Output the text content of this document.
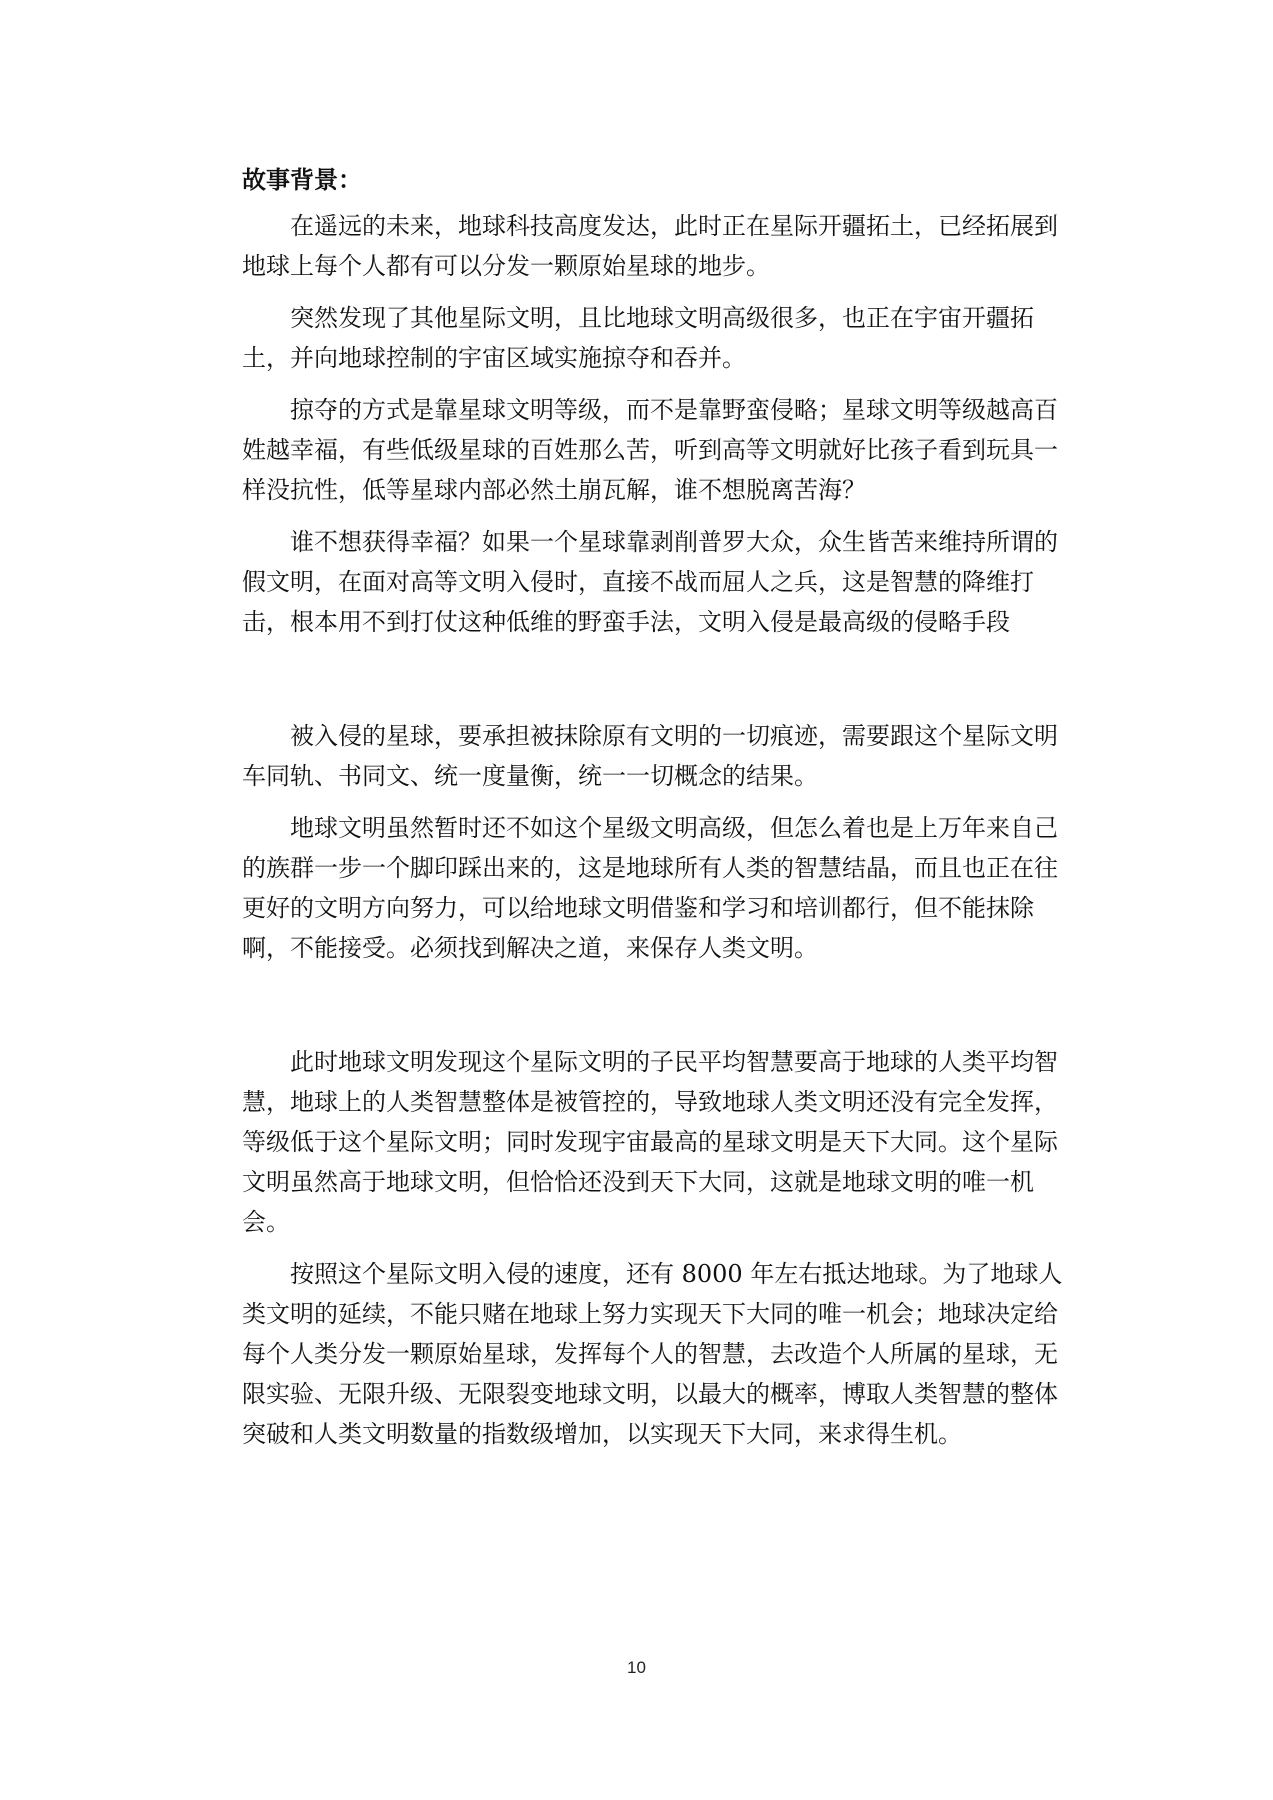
故事背景：

在遥远的未来，地球科技高度发达，此时正在星际开疆拓土，已经拓展到地球上每个人都有可以分发一颗原始星球的地步。

突然发现了其他星际文明，且比地球文明高级很多，也正在宇宙开疆拓土，并向地球控制的宇宙区域实施掠夺和吞并。

掠夺的方式是靠星球文明等级，而不是靠野蛮侵略；星球文明等级越高百姓越幸福，有些低级星球的百姓那么苦，听到高等文明就好比孩子看到玩具一样没抗性，低等星球内部必然土崩瓦解，谁不想脱离苦海？

谁不想获得幸福？如果一个星球靠剥削普罗大众，众生皆苦来维持所谓的假文明，在面对高等文明入侵时，直接不战而屈人之兵，这是智慧的降维打击，根本用不到打仗这种低维的野蛮手法，文明入侵是最高级的侵略手段

被入侵的星球，要承担被抹除原有文明的一切痕迹，需要跟这个星际文明车同轨、书同文、统一度量衡，统一一切概念的结果。

地球文明虽然暂时还不如这个星级文明高级，但怎么着也是上万年来自己的族群一步一个脚印踩出来的，这是地球所有人类的智慧结晶，而且也正在往更好的文明方向努力，可以给地球文明借鉴和学习和培训都行，但不能抹除啊，不能接受。必须找到解决之道，来保存人类文明。

此时地球文明发现这个星际文明的子民平均智慧要高于地球的人类平均智慧，地球上的人类智慧整体是被管控的，导致地球人类文明还没有完全发挥，等级低于这个星际文明；同时发现宇宙最高的星球文明是天下大同。这个星际文明虽然高于地球文明，但恰恰还没到天下大同，这就是地球文明的唯一机会。

按照这个星际文明入侵的速度，还有 8000 年左右抵达地球。为了地球人类文明的延续，不能只赌在地球上努力实现天下大同的唯一机会；地球决定给每个人类分发一颗原始星球，发挥每个人的智慧，去改造个人所属的星球，无限实验、无限升级、无限裂变地球文明，以最大的概率，博取人类智慧的整体突破和人类文明数量的指数级增加，以实现天下大同，来求得生机。

10
